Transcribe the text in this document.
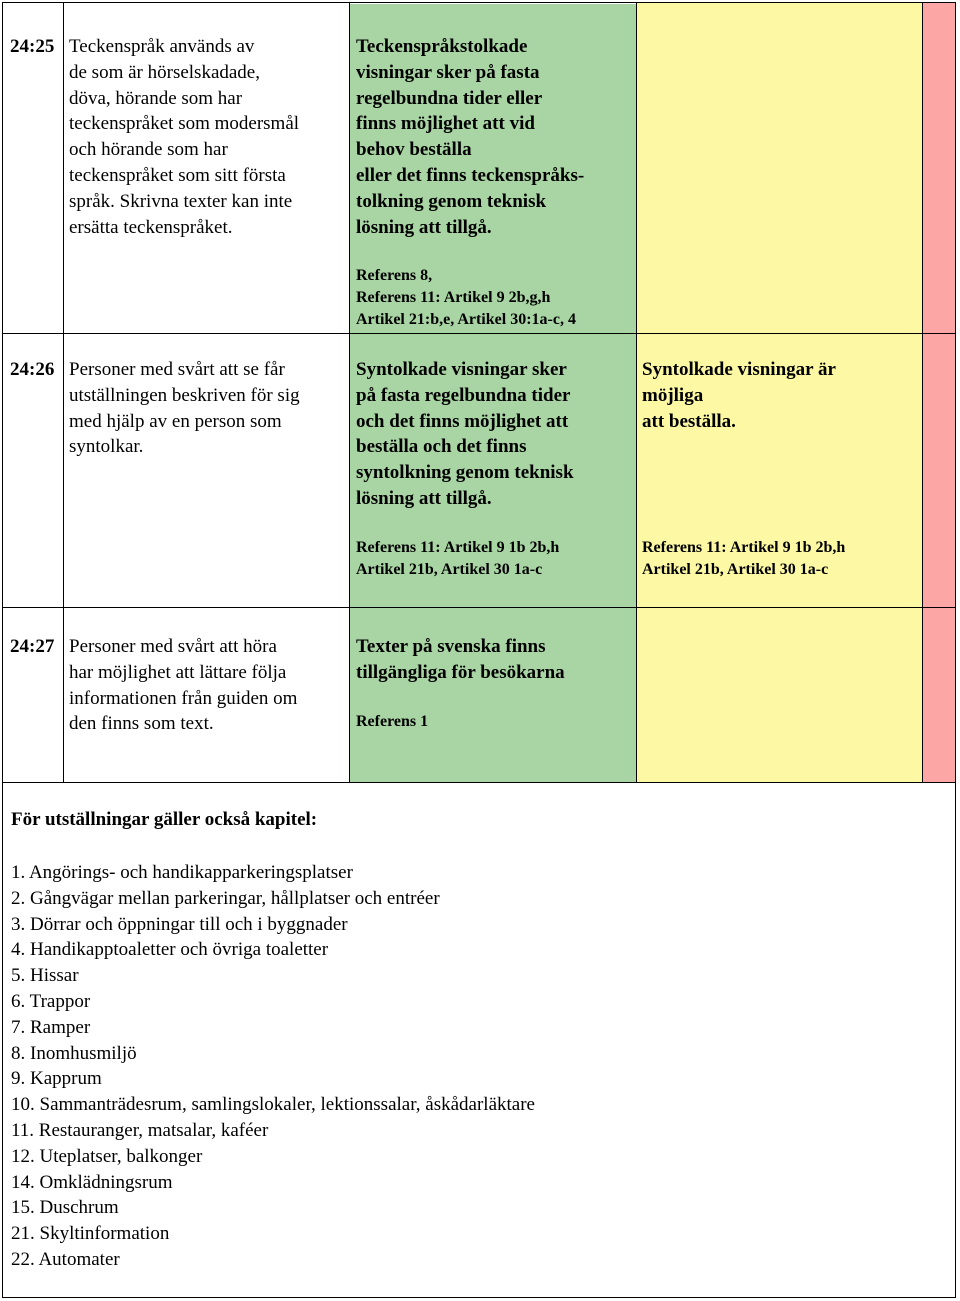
24:25 Teckenspråk används av
de som är hörselskadade,
döva, hörande som har
teckenspråket som modersmål
och hörande som har
teckenspråket som sitt första
språk. Skrivna texter kan inte
ersätta teckenspråket.
Teckenspråkstolkade
visningar sker på fasta
regelbundna tider eller
finns möjlighet att vid
behov beställa
eller det finns teckenspråks-
tolkning genom teknisk
lösning att tillgå.
Referens 8,
Referens 11: Artikel 9 2b,g,h
Artikel 21:b,e, Artikel 30:1a-c, 4
24:26 Personer med svårt att se får
utställningen beskriven för sig
med hjälp av en person som
syntolkar.
Syntolkade visningar sker
på fasta regelbundna tider
och det finns möjlighet att
beställa och det finns
syntolkning genom teknisk
lösning att tillgå.
Referens 11: Artikel 9 1b 2b,h
Artikel 21b, Artikel 30 1a-c
Syntolkade visningar är
möjliga
att beställa.
Referens 11: Artikel 9 1b 2b,h
Artikel 21b, Artikel 30 1a-c
24:27 Personer med svårt att höra
har möjlighet att lättare följa
informationen från guiden om
den finns som text.
Texter på svenska finns
tillgängliga för besökarna
Referens 1
För utställningar gäller också kapitel:
1. Angörings- och handikapparkeringsplatser
2. Gångvägar mellan parkeringar, hållplatser och entréer
3. Dörrar och öppningar till och i byggnader
4. Handikapptoaletter och övriga toaletter
5. Hissar
6. Trappor
7. Ramper
8. Inomhusmiljö
9. Kapprum
10. Sammanträdesrum, samlingslokaler, lektionssalar, åskådarläktare
11. Restauranger, matsalar, kaféer
12. Uteplatser, balkonger
14. Omklädningsrum
15. Duschrum
21. Skyltinformation
22. Automater
